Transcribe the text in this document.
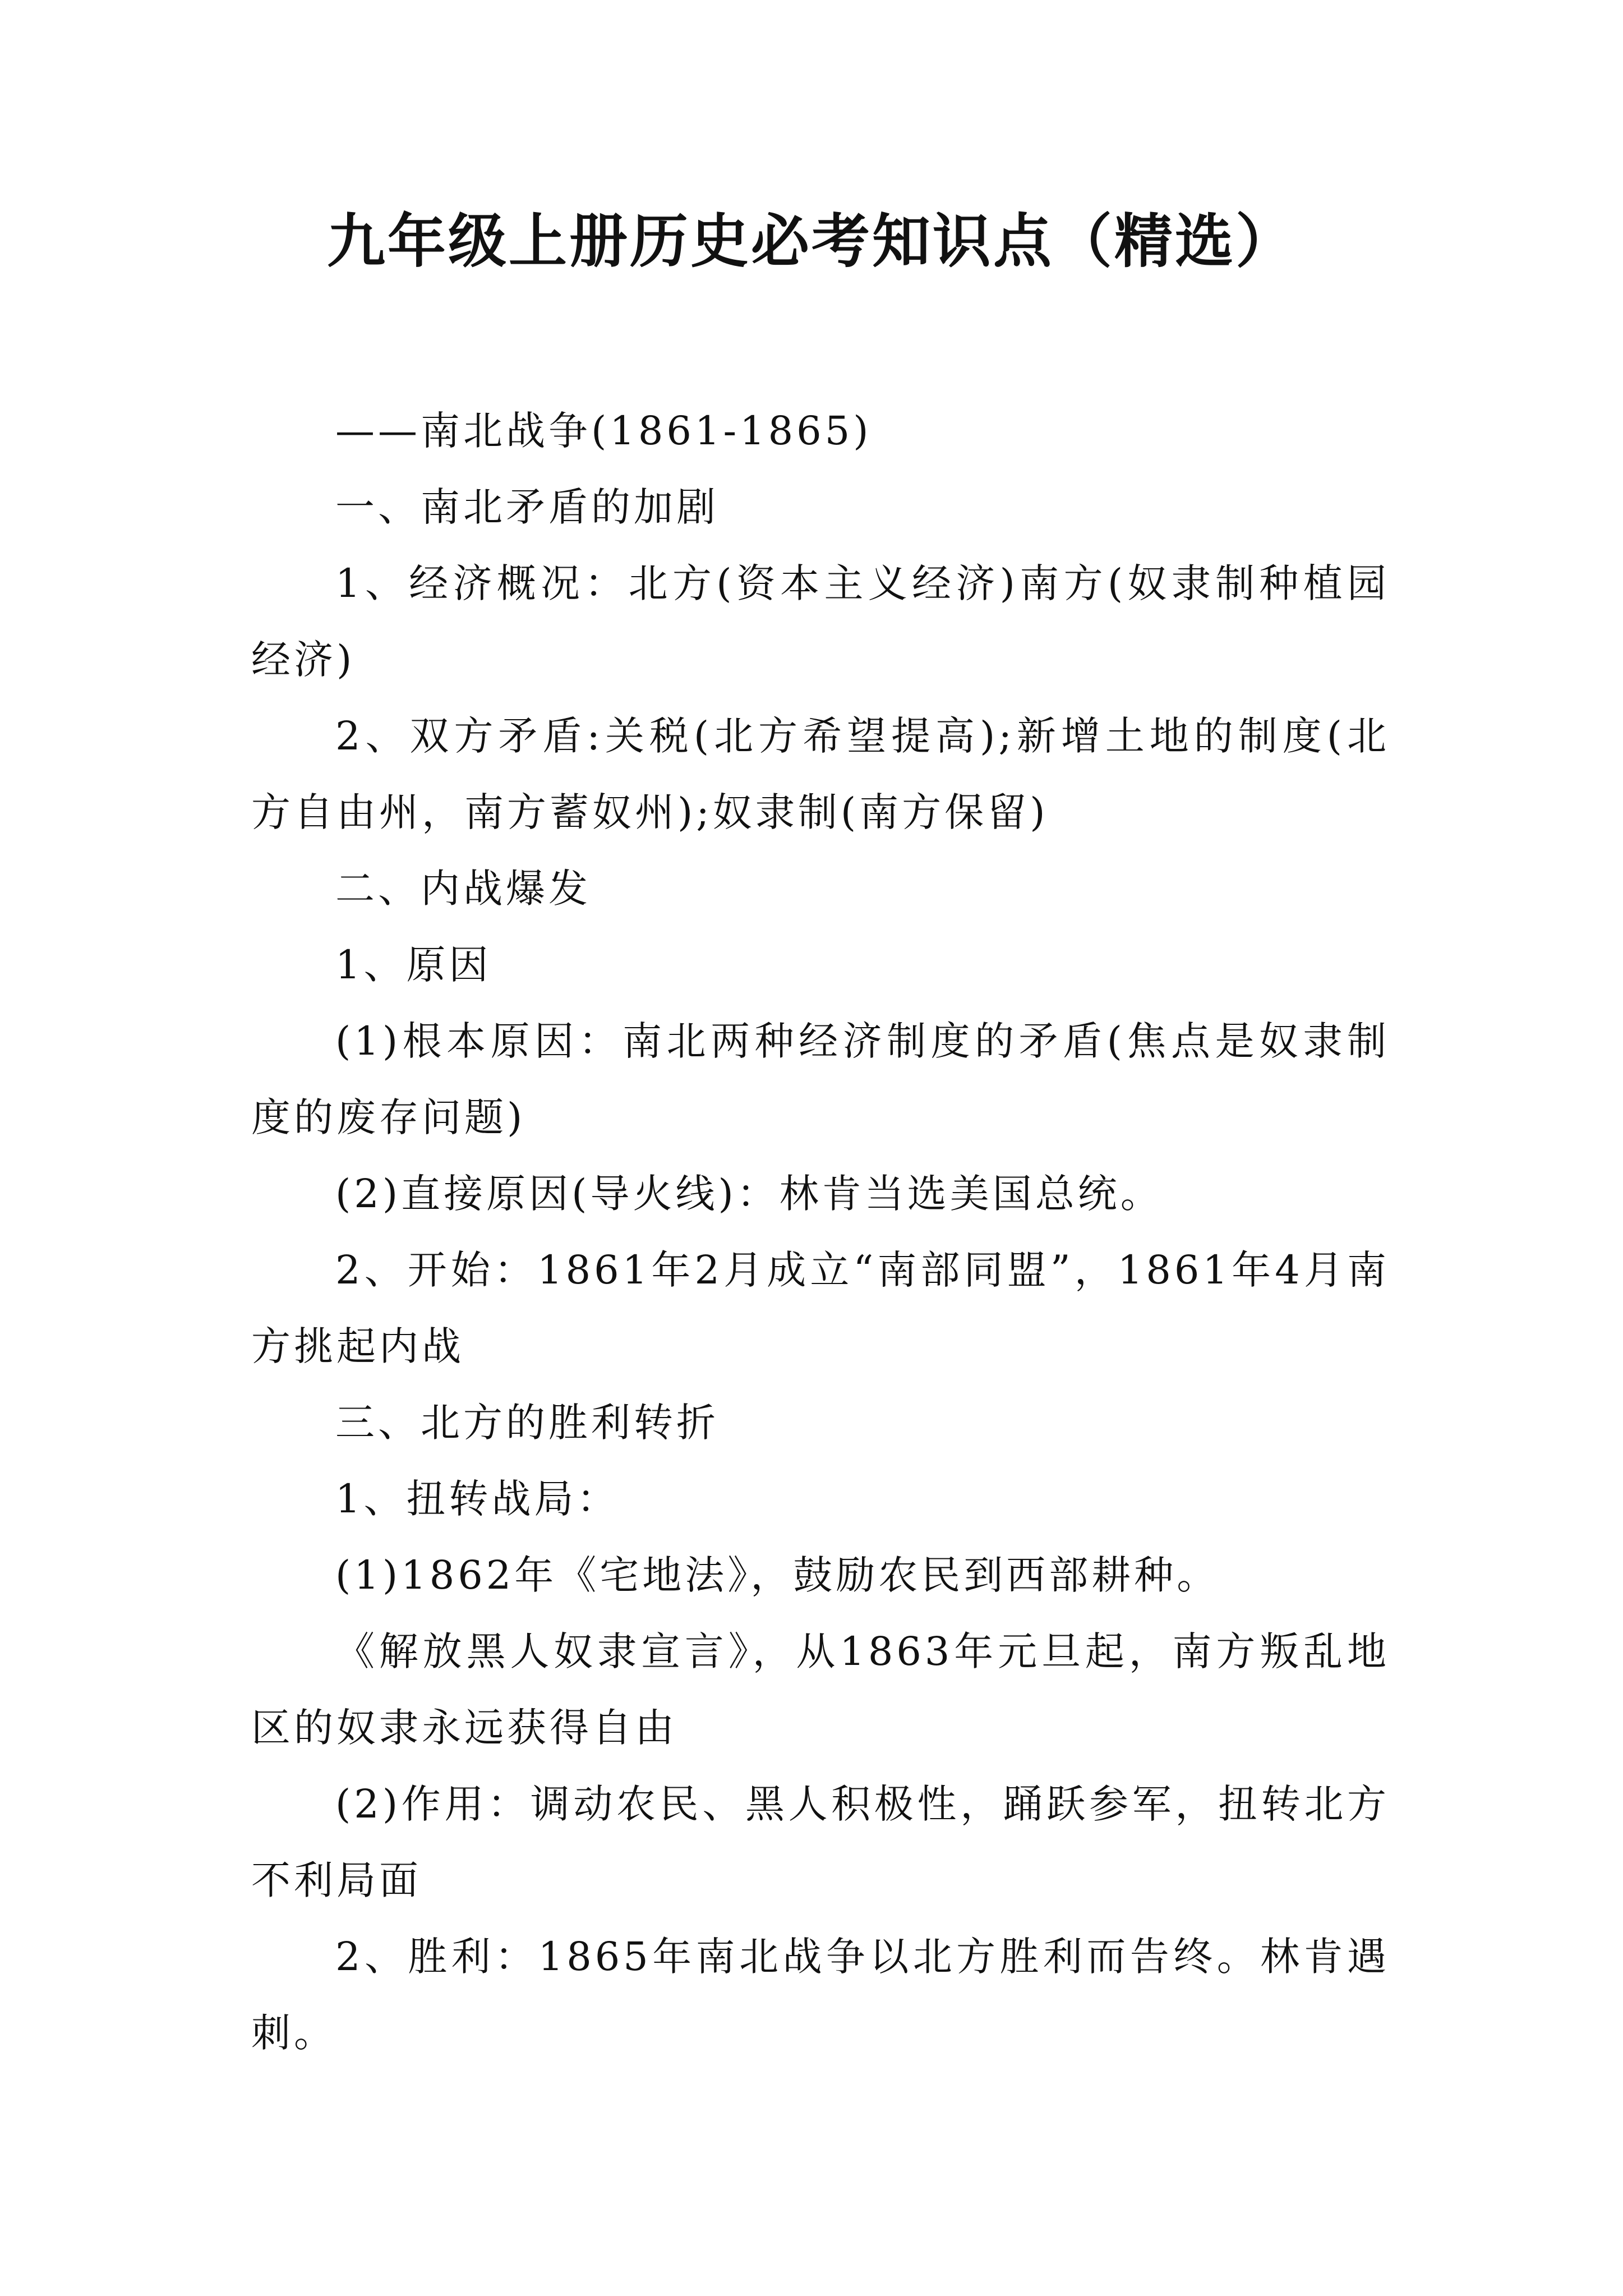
九年级上册历史必考知识点（精选）

——南北战争(1861-1865)

一、南北矛盾的加剧

1、经济概况：北方(资本主义经济)南方(奴隶制种植园经济)

2、双方矛盾:关税(北方希望提高);新增土地的制度(北方自由州，南方蓄奴州);奴隶制(南方保留)

二、内战爆发

1、原因

(1)根本原因：南北两种经济制度的矛盾(焦点是奴隶制度的废存问题)

(2)直接原因(导火线)：林肯当选美国总统。

2、开始：1861年2月成立“南部同盟”，1861年4月南方挑起内战

三、北方的胜利转折

1、扭转战局：

(1)1862年《宅地法》，鼓励农民到西部耕种。

《解放黑人奴隶宣言》，从1863年元旦起，南方叛乱地区的奴隶永远获得自由

(2)作用：调动农民、黑人积极性，踊跃参军，扭转北方不利局面

2、胜利：1865年南北战争以北方胜利而告终。林肯遇刺。
